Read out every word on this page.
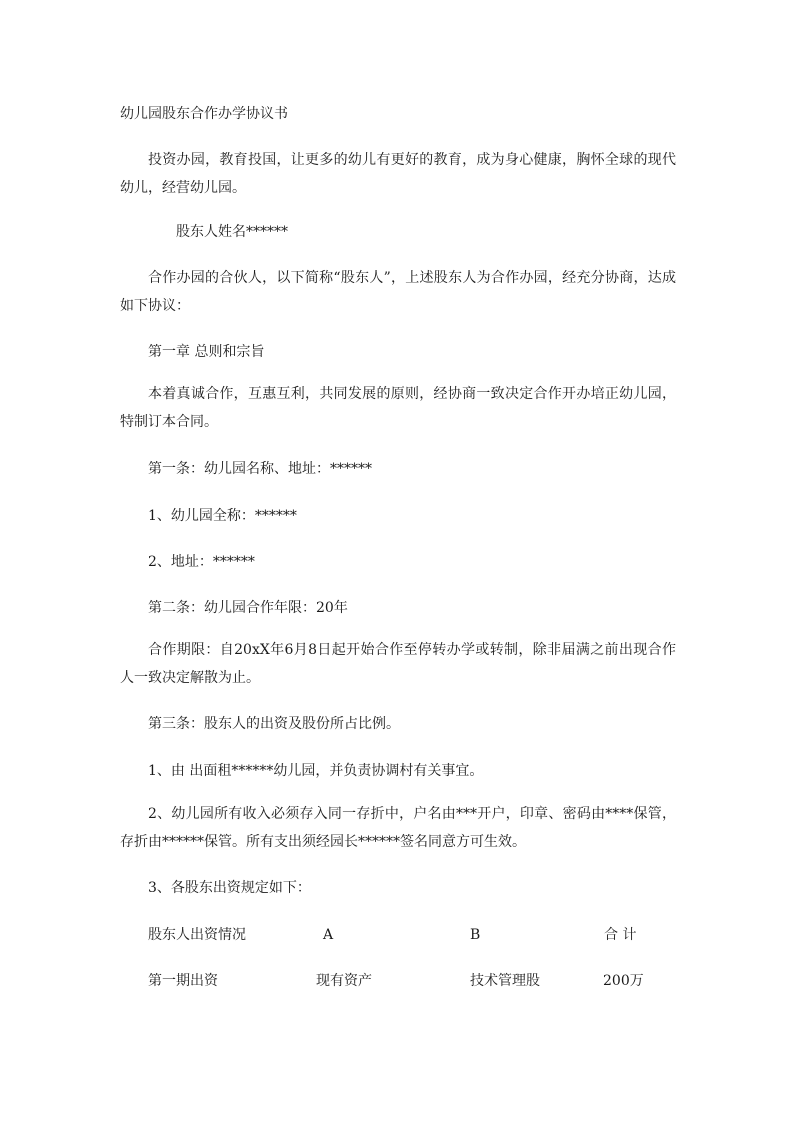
幼儿园股东合作办学协议书
投资办园，教育投国，让更多的幼儿有更好的教育，成为身心健康，胸怀全球的现代幼儿，经营幼儿园。
股东人姓名******
合作办园的合伙人，以下简称“股东人”，上述股东人为合作办园，经充分协商，达成如下协议：
第一章 总则和宗旨
本着真诚合作，互惠互利，共同发展的原则，经协商一致决定合作开办培正幼儿园，特制订本合同。
第一条：幼儿园名称、地址：******
1、幼儿园全称：******
2、地址：******
第二条：幼儿园合作年限：20年
合作期限：自20xX年6月8日起开始合作至停转办学或转制，除非届满之前出现合作人一致决定解散为止。
第三条：股东人的出资及股份所占比例。
1、由 出面租******幼儿园，并负责协调村有关事宜。
2、幼儿园所有收入必须存入同一存折中，户名由***开户，印章、密码由****保管，存折由******保管。所有支出须经园长******签名同意方可生效。
3、各股东出资规定如下：
股东人出资情况	A	B	合 计
第一期出资	现有资产	技术管理股	200万
